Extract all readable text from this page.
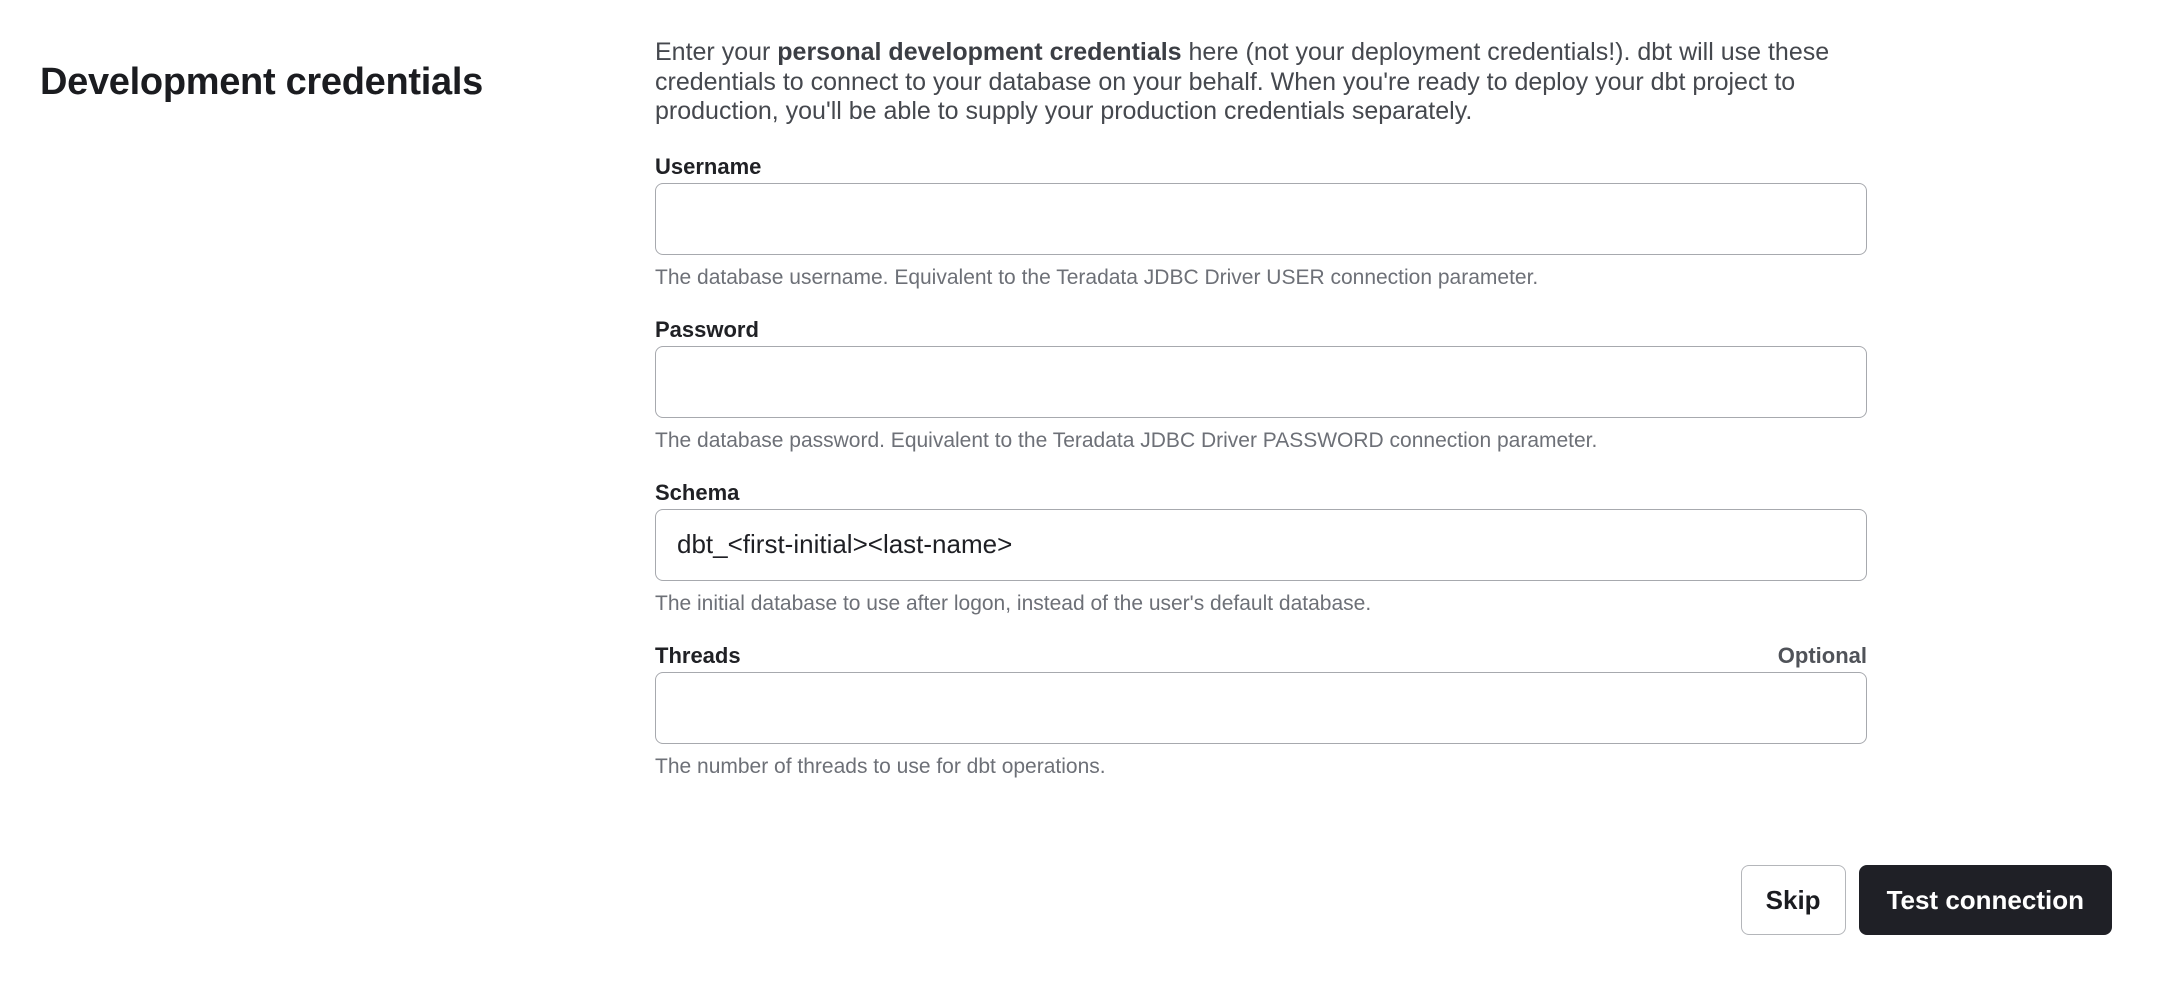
Development credentials

Enter your personal development credentials here (not your deployment credentials!). dbt will use these
credentials to connect to your database on your behalf. When you're ready to deploy your dbt project to
production, you'll be able to supply your production credentials separately.

Username
The database username. Equivalent to the Teradata JDBC Driver USER connection parameter.
Password
The database password. Equivalent to the Teradata JDBC Driver PASSWORD connection parameter.
Schema
dbt_<first-initial><last-name>
The initial database to use after logon, instead of the user's default database.
Threads	Optional
The number of threads to use for dbt operations.
Skip	Test connection
